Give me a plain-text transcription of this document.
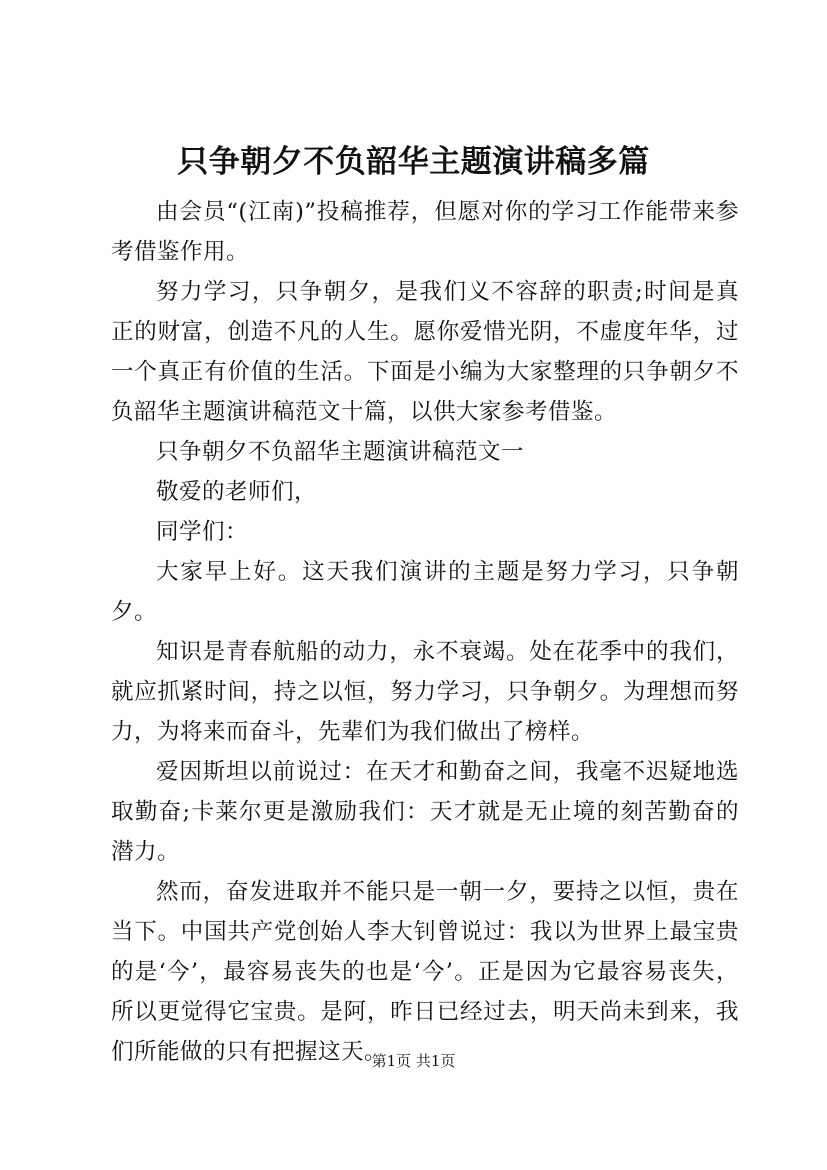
只争朝夕不负韶华主题演讲稿多篇

由会员“(江南)”投稿推荐，但愿对你的学习工作能带来参考借鉴作用。

努力学习，只争朝夕，是我们义不容辞的职责;时间是真正的财富，创造不凡的人生。愿你爱惜光阴，不虚度年华，过一个真正有价值的生活。下面是小编为大家整理的只争朝夕不负韶华主题演讲稿范文十篇，以供大家参考借鉴。

只争朝夕不负韶华主题演讲稿范文一

敬爱的老师们，

同学们：

大家早上好。这天我们演讲的主题是努力学习，只争朝夕。

知识是青春航船的动力，永不衰竭。处在花季中的我们，就应抓紧时间，持之以恒，努力学习，只争朝夕。为理想而努力，为将来而奋斗，先辈们为我们做出了榜样。

爱因斯坦以前说过：在天才和勤奋之间，我毫不迟疑地选取勤奋;卡莱尔更是激励我们：天才就是无止境的刻苦勤奋的潜力。

然而，奋发进取并不能只是一朝一夕，要持之以恒，贵在当下。中国共产党创始人李大钊曾说过：我以为世界上最宝贵的是‘今’，最容易丧失的也是‘今’。正是因为它最容易丧失，所以更觉得它宝贵。是阿，昨日已经过去，明天尚未到来，我们所能做的只有把握这天。

第1页 共1页
